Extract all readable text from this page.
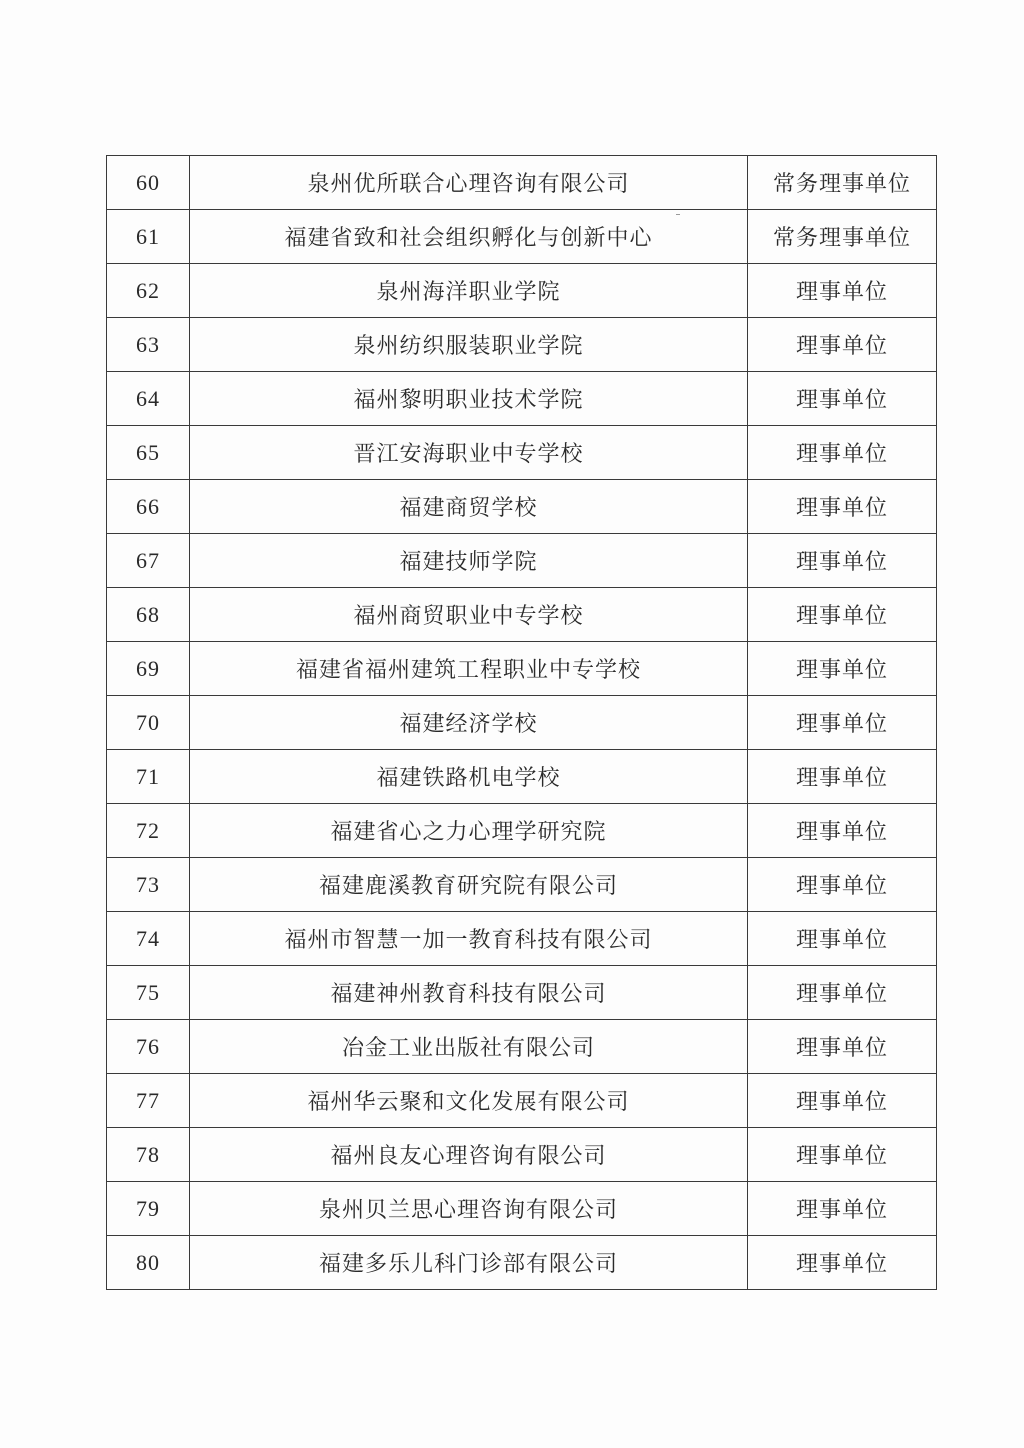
60	泉州优所联合心理咨询有限公司	常务理事单位
61	福建省致和社会组织孵化与创新中心	常务理事单位
62	泉州海洋职业学院	理事单位
63	泉州纺织服装职业学院	理事单位
64	福州黎明职业技术学院	理事单位
65	晋江安海职业中专学校	理事单位
66	福建商贸学校	理事单位
67	福建技师学院	理事单位
68	福州商贸职业中专学校	理事单位
69	福建省福州建筑工程职业中专学校	理事单位
70	福建经济学校	理事单位
71	福建铁路机电学校	理事单位
72	福建省心之力心理学研究院	理事单位
73	福建鹿溪教育研究院有限公司	理事单位
74	福州市智慧一加一教育科技有限公司	理事单位
75	福建神州教育科技有限公司	理事单位
76	冶金工业出版社有限公司	理事单位
77	福州华云聚和文化发展有限公司	理事单位
78	福州良友心理咨询有限公司	理事单位
79	泉州贝兰思心理咨询有限公司	理事单位
80	福建多乐儿科门诊部有限公司	理事单位
